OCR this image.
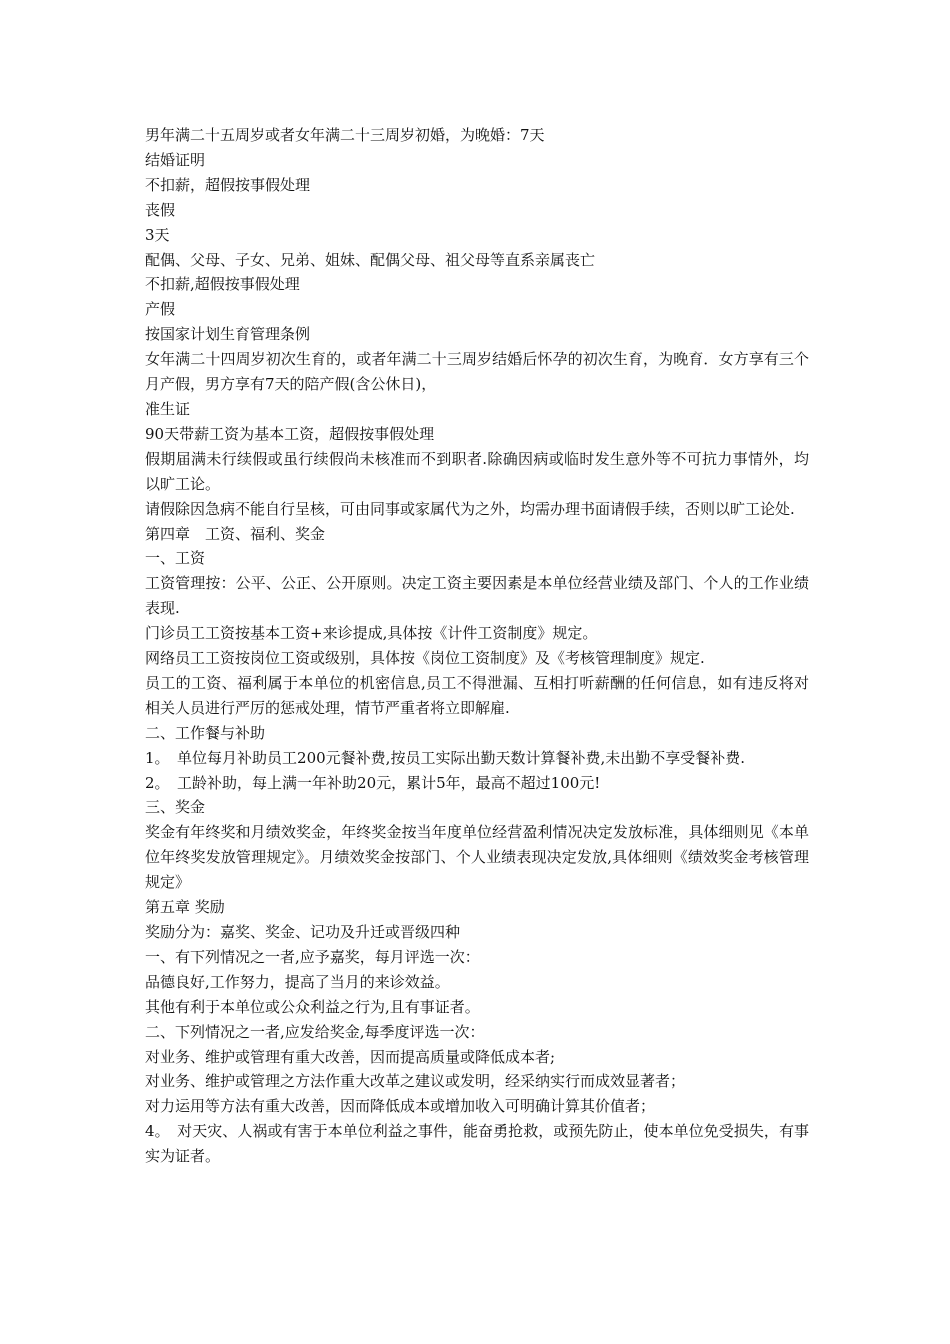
男年满二十五周岁或者女年满二十三周岁初婚，为晚婚：7天

结婚证明

不扣薪，超假按事假处理

丧假

3天

配偶、父母、子女、兄弟、姐妹、配偶父母、祖父母等直系亲属丧亡

不扣薪,超假按事假处理

产假

按国家计划生育管理条例

女年满二十四周岁初次生育的，或者年满二十三周岁结婚后怀孕的初次生育，为晚育．女方享有三个月产假，男方享有7天的陪产假(含公休日)，

准生证

90天带薪工资为基本工资，超假按事假处理

假期届满未行续假或虽行续假尚未核准而不到职者.除确因病或临时发生意外等不可抗力事情外，均以旷工论。

请假除因急病不能自行呈核，可由同事或家属代为之外，均需办理书面请假手续，否则以旷工论处.

第四章　工资、福利、奖金

一、工资

工资管理按：公平、公正、公开原则。决定工资主要因素是本单位经营业绩及部门、个人的工作业绩表现.

门诊员工工资按基本工资+来诊提成,具体按《计件工资制度》规定。

网络员工工资按岗位工资或级别，具体按《岗位工资制度》及《考核管理制度》规定.

员工的工资、福利属于本单位的机密信息,员工不得泄漏、互相打听薪酬的任何信息，如有违反将对相关人员进行严厉的惩戒处理，情节严重者将立即解雇.

二、工作餐与补助

1。　单位每月补助员工200元餐补费,按员工实际出勤天数计算餐补费,未出勤不享受餐补费.

2。　工龄补助，每上满一年补助20元，累计5年，最高不超过100元!

三、奖金

奖金有年终奖和月绩效奖金，年终奖金按当年度单位经营盈利情况决定发放标准，具体细则见《本单位年终奖发放管理规定》。月绩效奖金按部门、个人业绩表现决定发放,具体细则《绩效奖金考核管理规定》

第五章 奖励

奖励分为：嘉奖、奖金、记功及升迁或晋级四种

一、有下列情况之一者,应予嘉奖，每月评选一次：

品德良好,工作努力，提高了当月的来诊效益。

其他有利于本单位或公众利益之行为,且有事证者。

二、下列情况之一者,应发给奖金,每季度评选一次：

对业务、维护或管理有重大改善，因而提高质量或降低成本者;

对业务、维护或管理之方法作重大改革之建议或发明，经采纳实行而成效显著者；

对力运用等方法有重大改善，因而降低成本或增加收入可明确计算其价值者；

4。　对天灾、人祸或有害于本单位利益之事件，能奋勇抢救，或预先防止，使本单位免受损失，有事实为证者。
